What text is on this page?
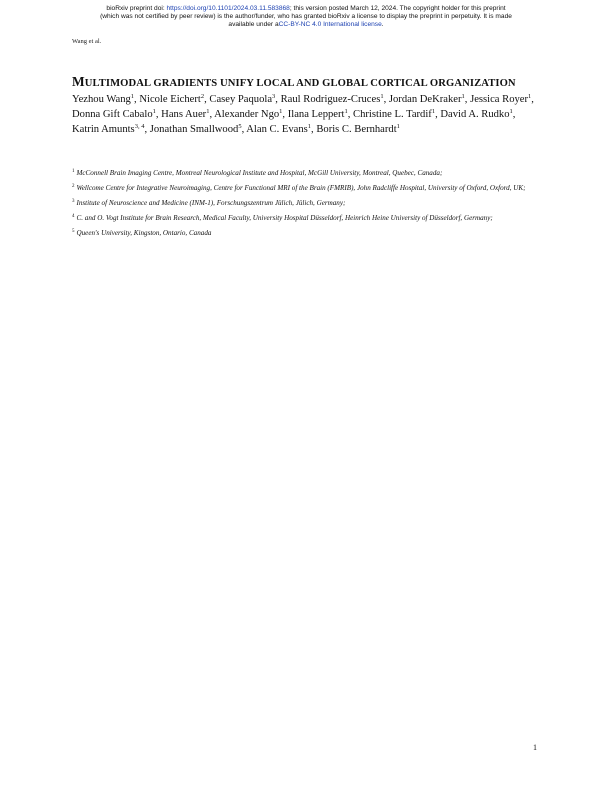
bioRxiv preprint doi: https://doi.org/10.1101/2024.03.11.583868; this version posted March 12, 2024. The copyright holder for this preprint
(which was not certified by peer review) is the author/funder, who has granted bioRxiv a license to display the preprint in perpetuity. It is made
available under aCC-BY-NC 4.0 International license.
Wang et al.
MULTIMODAL GRADIENTS UNIFY LOCAL AND GLOBAL CORTICAL ORGANIZATION
Yezhou Wang$^1$, Nicole Eichert$^2$, Casey Paquola$^3$, Raul Rodriguez-Cruces$^1$, Jordan DeKraker$^1$, Jessica Royer$^1$, Donna Gift Cabalo$^1$, Hans Auer$^1$, Alexander Ngo$^1$, Ilana Leppert$^1$, Christine L. Tardif$^1$, David A. Rudko$^1$, Katrin Amunts$^{3, 4}$, Jonathan Smallwood$^5$, Alan C. Evans$^1$, Boris C. Bernhardt$^1$
$^1$ McConnell Brain Imaging Centre, Montreal Neurological Institute and Hospital, McGill University, Montreal, Quebec, Canada;
$^2$ Wellcome Centre for Integrative Neuroimaging, Centre for Functional MRI of the Brain (FMRIB), John Radcliffe Hospital, University of Oxford, Oxford, UK;
$^3$ Institute of Neuroscience and Medicine (INM-1), Forschungszentrum Jülich, Jülich, Germany;
$^4$ C. and O. Vogt Institute for Brain Research, Medical Faculty, University Hospital Düsseldorf, Heinrich Heine University of Düsseldorf, Germany;
$^5$ Queen's University, Kingston, Ontario, Canada
1
